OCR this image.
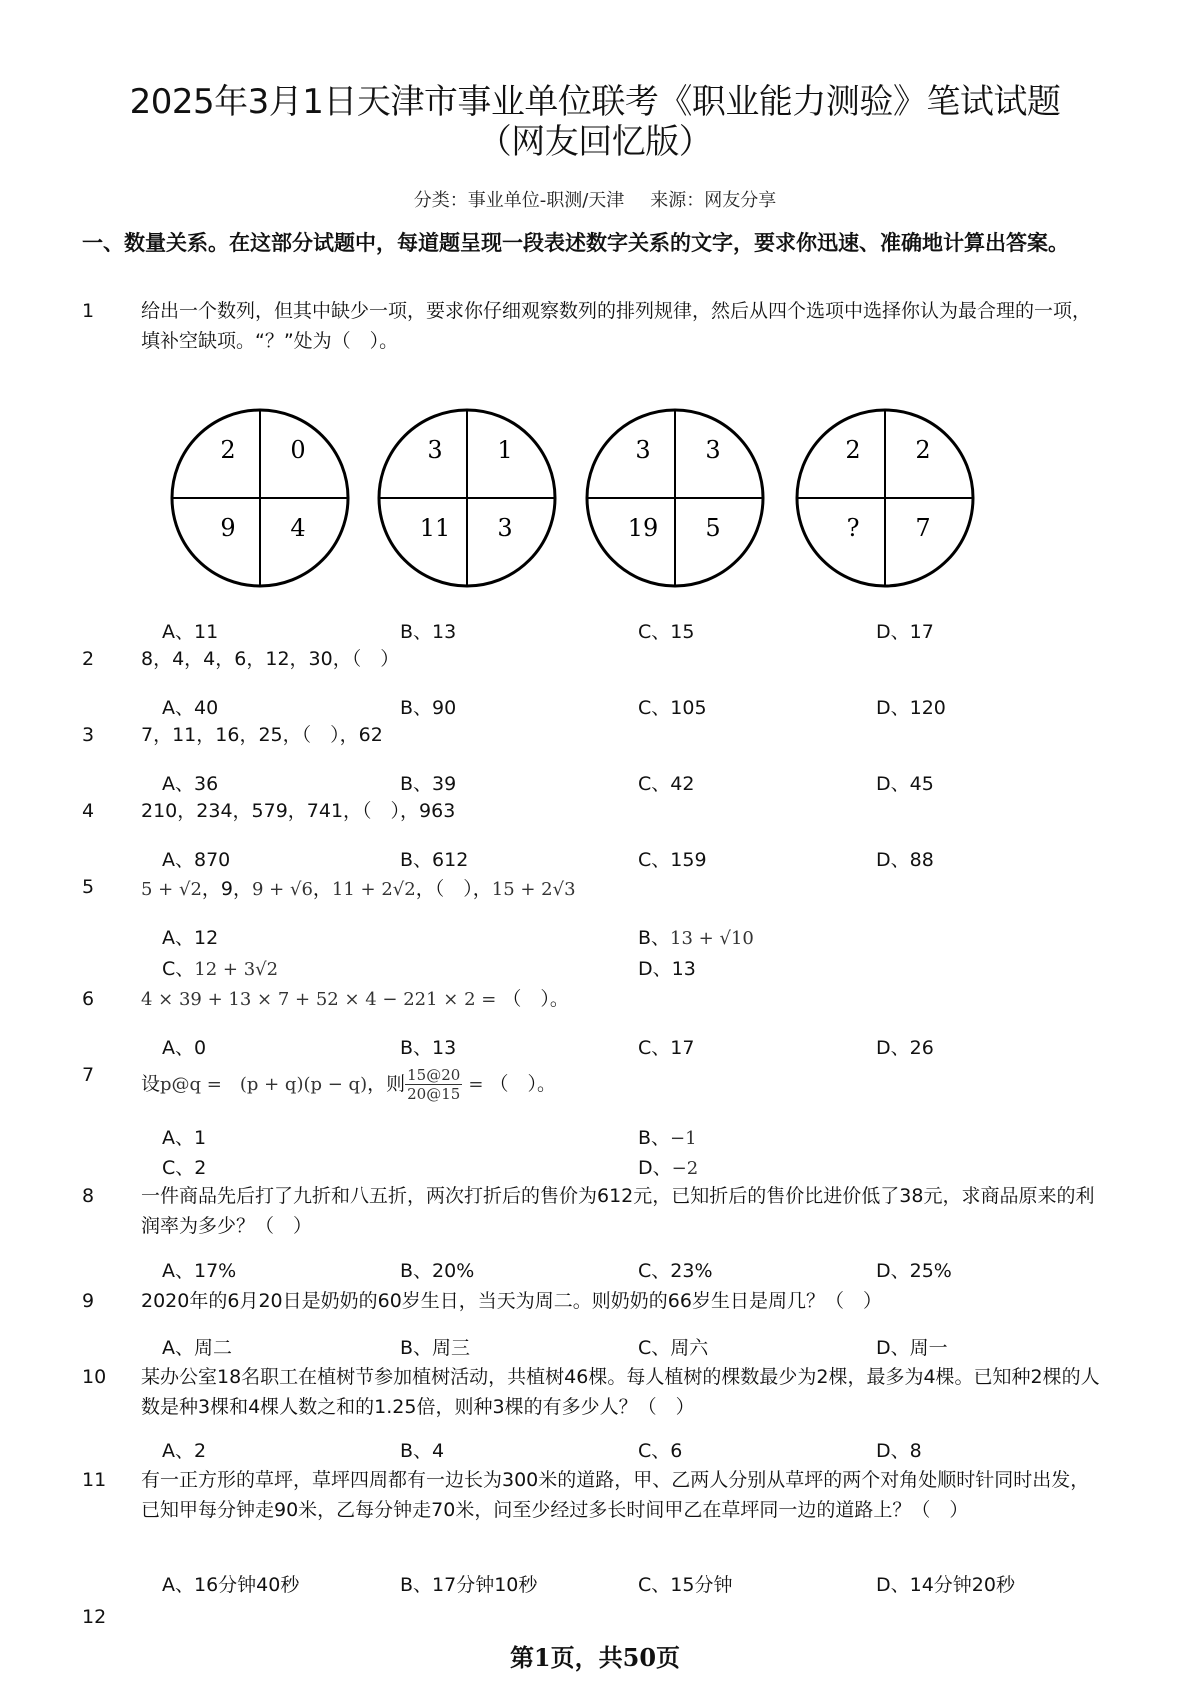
2025年3月1日天津市事业单位联考《职业能力测验》笔试试题
（网友回忆版）
分类：事业单位-职测/天津 来源：网友分享
一、数量关系。在这部分试题中，每道题呈现一段表述数字关系的文字，要求你迅速、准确地计算出答案。
1 给出一个数列，但其中缺少一项，要求你仔细观察数列的排列规律，然后从四个选项中选择你认为最合理的一项，填补空缺项。“？”处为（　）。
2 0
9 4
3 1
11 3
3 3
19 5
2 2
? 7
A、11	B、13	C、15	D、17
2 8，4，4，6，12，30，（　）
A、40	B、90	C、105	D、120
3 7，11，16，25，（　），62
A、36	B、39	C、42	D、45
4 210，234，579，741，（　），963
A、870	B、612	C、159	D、88
5	5 + √2，9，9 + √6，11 + 2√2，（　），15 + 2√3
A、12	B、13 + √10
C、12 + 3√2	D、13
6	4 × 39 + 13 × 7 + 52 × 4 − 221 × 2 = （　）。
A、0	B、13	C、17	D、26
7 设p@q =　(p + q)(p − q)，则 $\frac{15@20}{20@15}$ = （　）。
A、1	B、−1
C、2	D、−2
8 一件商品先后打了九折和八五折，两次打折后的售价为612元，已知折后的售价比进价低了38元，求商品原来的利润率为多少？（　）
A、17%	B、20%	C、23%	D、25%
9 2020年的6月20日是奶奶的60岁生日，当天为周二。则奶奶的66岁生日是周几？（　）
A、周二	B、周三	C、周六	D、周一
10 某办公室18名职工在植树节参加植树活动，共植树46棵。每人植树的棵数最少为2棵，最多为4棵。已知种2棵的人数是种3棵和4棵人数之和的1.25倍，则种3棵的有多少人？（　）
A、2	B、4	C、6	D、8
11 有一正方形的草坪，草坪四周都有一边长为300米的道路，甲、乙两人分别从草坪的两个对角处顺时针同时出发，已知甲每分钟走90米，乙每分钟走70米，问至少经过多长时间甲乙在草坪同一边的道路上？（　）
A、16分钟40秒	B、17分钟10秒	C、15分钟	D、14分钟20秒
12
第1页，共50页
